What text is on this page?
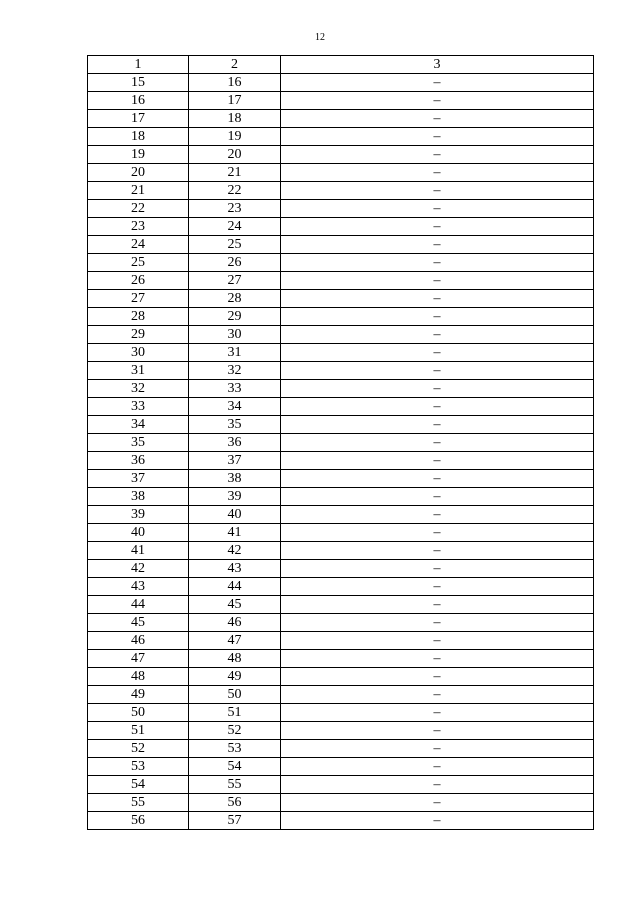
12
1	2	3
15	16	–
16	17	–
17	18	–
18	19	–
19	20	–
20	21	–
21	22	–
22	23	–
23	24	–
24	25	–
25	26	–
26	27	–
27	28	–
28	29	–
29	30	–
30	31	–
31	32	–
32	33	–
33	34	–
34	35	–
35	36	–
36	37	–
37	38	–
38	39	–
39	40	–
40	41	–
41	42	–
42	43	–
43	44	–
44	45	–
45	46	–
46	47	–
47	48	–
48	49	–
49	50	–
50	51	–
51	52	–
52	53	–
53	54	–
54	55	–
55	56	–
56	57	–
